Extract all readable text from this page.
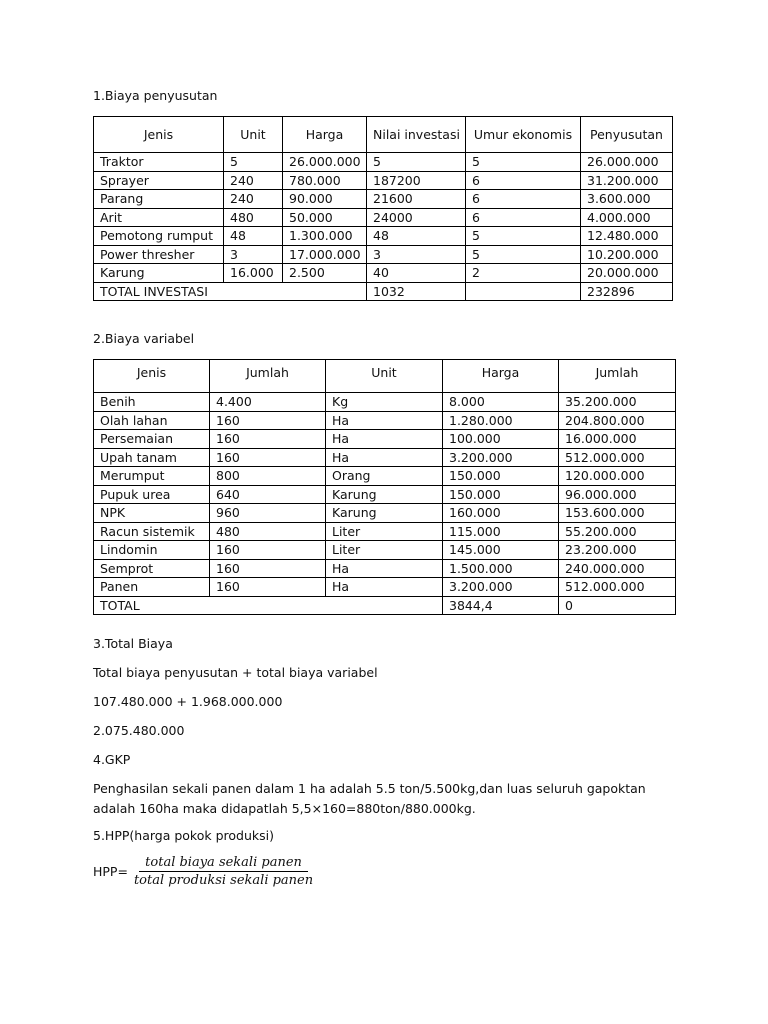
1.Biaya penyusutan
Jenis	Unit	Harga	Nilai investasi	Umur ekonomis	Penyusutan
Traktor	5	26.000.000	5	5	26.000.000
Sprayer	240	780.000	187200	6	31.200.000
Parang	240	90.000	21600	6	3.600.000
Arit	480	50.000	24000	6	4.000.000
Pemotong rumput	48	1.300.000	48	5	12.480.000
Power thresher	3	17.000.000	3	5	10.200.000
Karung	16.000	2.500	40	2	20.000.000
TOTAL INVESTASI			1032		232896
2.Biaya variabel
Jenis	Jumlah	Unit	Harga	Jumlah
Benih	4.400	Kg	8.000	35.200.000
Olah lahan	160	Ha	1.280.000	204.800.000
Persemaian	160	Ha	100.000	16.000.000
Upah tanam	160	Ha	3.200.000	512.000.000
Merumput	800	Orang	150.000	120.000.000
Pupuk urea	640	Karung	150.000	96.000.000
NPK	960	Karung	160.000	153.600.000
Racun sistemik	480	Liter	115.000	55.200.000
Lindomin	160	Liter	145.000	23.200.000
Semprot	160	Ha	1.500.000	240.000.000
Panen	160	Ha	3.200.000	512.000.000
TOTAL			3844,4	0
3.Total Biaya
Total biaya penyusutan + total biaya variabel
107.480.000 + 1.968.000.000
2.075.480.000
4.GKP
Penghasilan sekali panen dalam 1 ha adalah 5.5 ton/5.500kg,dan luas seluruh gapoktan adalah 160ha maka didapatlah 5,5×160=880ton/880.000kg.
5.HPP(harga pokok produksi)
$HPP= \frac{\text{total biaya sekali panen}}{\text{total produksi sekali panen}}$
